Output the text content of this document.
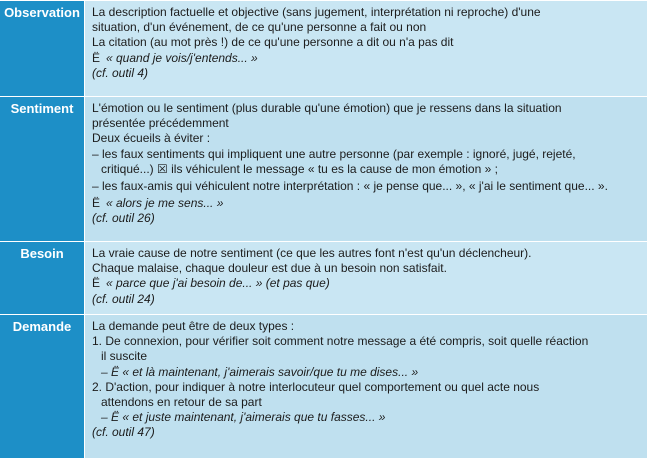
Observation	La description factuelle et objective (sans jugement, interprétation ni reproche) d'une
situation, d'un événement, de ce qu'une personne a fait ou non
La citation (au mot près !) de ce qu'une personne a dit ou n'a pas dit
Ë « quand je vois/j'entends... »
(cf. outil 4)
Sentiment	L'émotion ou le sentiment (plus durable qu'une émotion) que je ressens dans la situation
présentée précédemment
Deux écueils à éviter :
– les faux sentiments qui impliquent une autre personne (par exemple : ignoré, jugé, rejeté,
critiqué...) ☒ ils véhiculent le message « tu es la cause de mon émotion » ;
– les faux-amis qui véhiculent notre interprétation : « je pense que... », « j'ai le sentiment que... ».
Ë « alors je me sens... »
(cf. outil 26)
Besoin	La vraie cause de notre sentiment (ce que les autres font n'est qu'un déclencheur).
Chaque malaise, chaque douleur est due à un besoin non satisfait.
Ë « parce que j'ai besoin de... » (et pas que)
(cf. outil 24)
Demande	La demande peut être de deux types :
1. De connexion, pour vérifier soit comment notre message a été compris, soit quelle réaction
il suscite
– Ë « et là maintenant, j'aimerais savoir/que tu me dises... »
2. D'action, pour indiquer à notre interlocuteur quel comportement ou quel acte nous
attendons en retour de sa part
– Ë « et juste maintenant, j'aimerais que tu fasses... »
(cf. outil 47)
